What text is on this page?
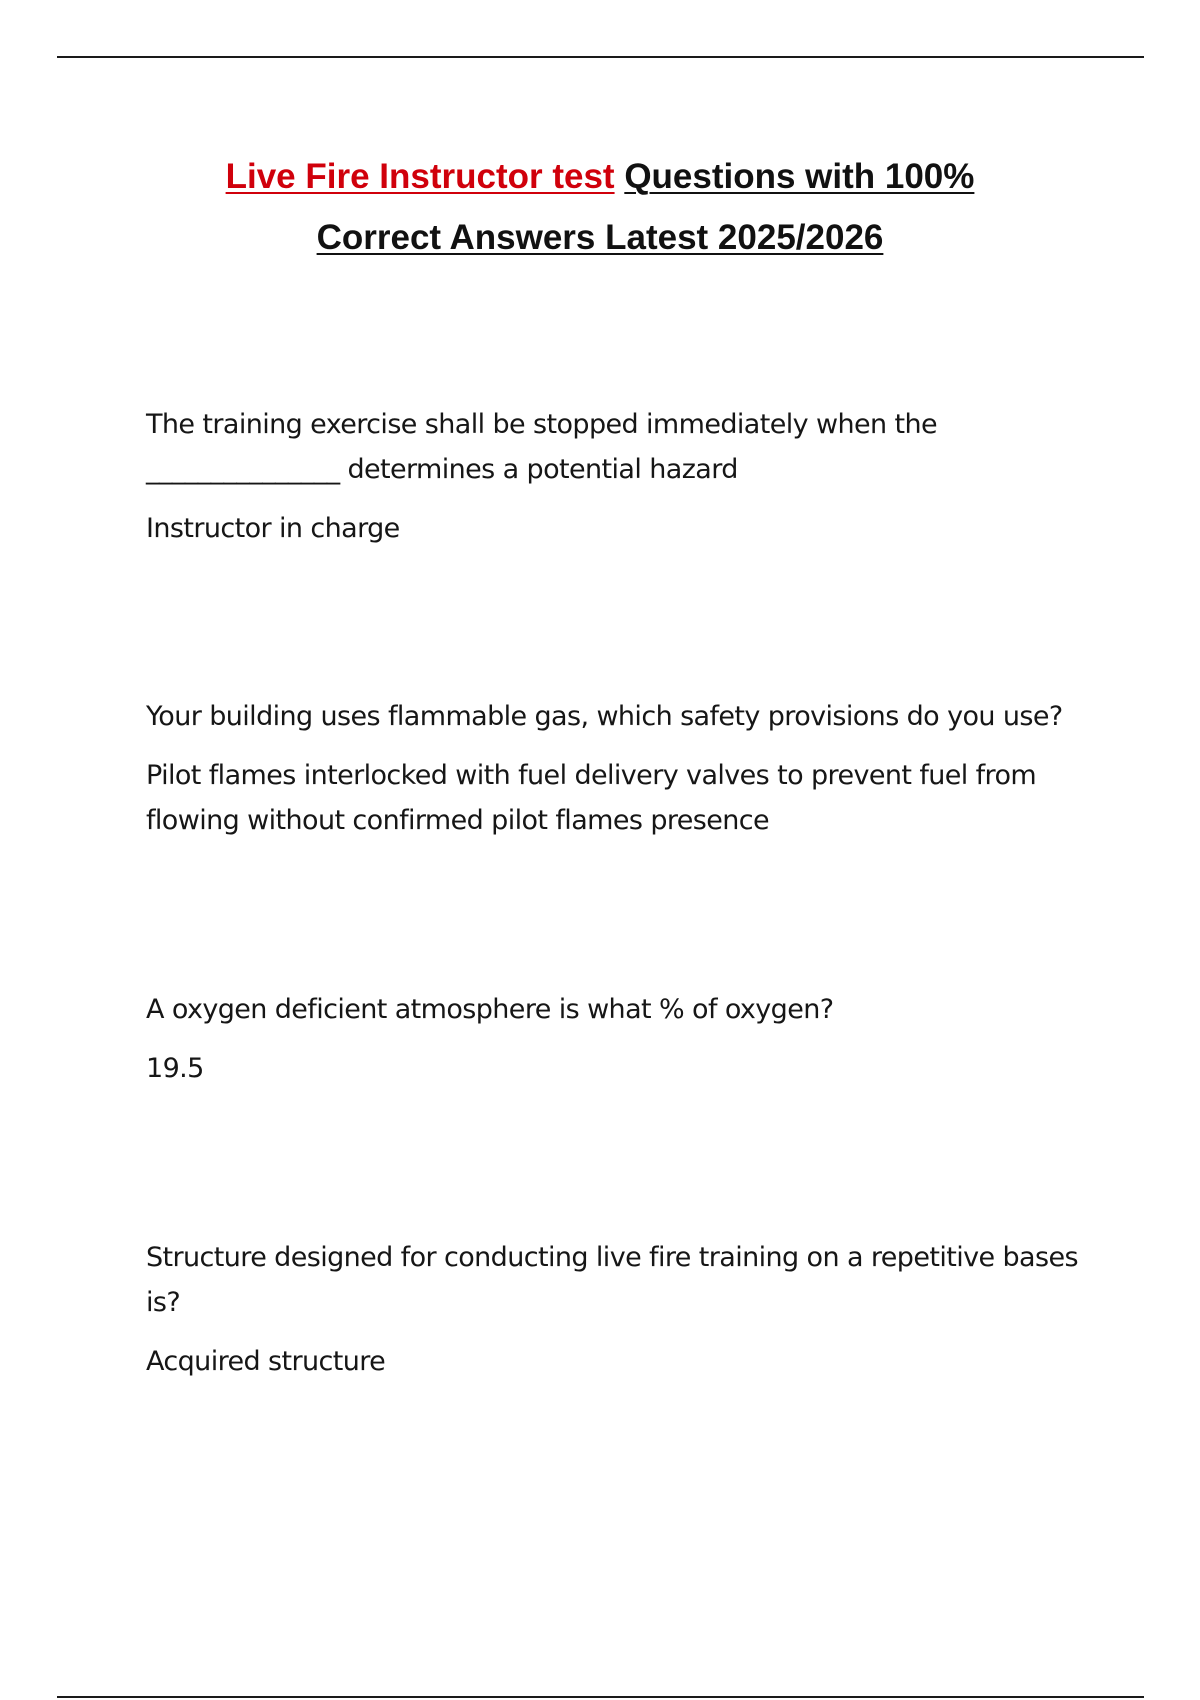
Live Fire Instructor test Questions with 100%
Correct Answers Latest 2025/2026

The training exercise shall be stopped immediately when the _______________ determines a potential hazard

Instructor in charge

Your building uses flammable gas, which safety provisions do you use?

Pilot flames interlocked with fuel delivery valves to prevent fuel from flowing without confirmed pilot flames presence

A oxygen deficient atmosphere is what % of oxygen?

19.5

Structure designed for conducting live fire training on a repetitive bases is?

Acquired structure
